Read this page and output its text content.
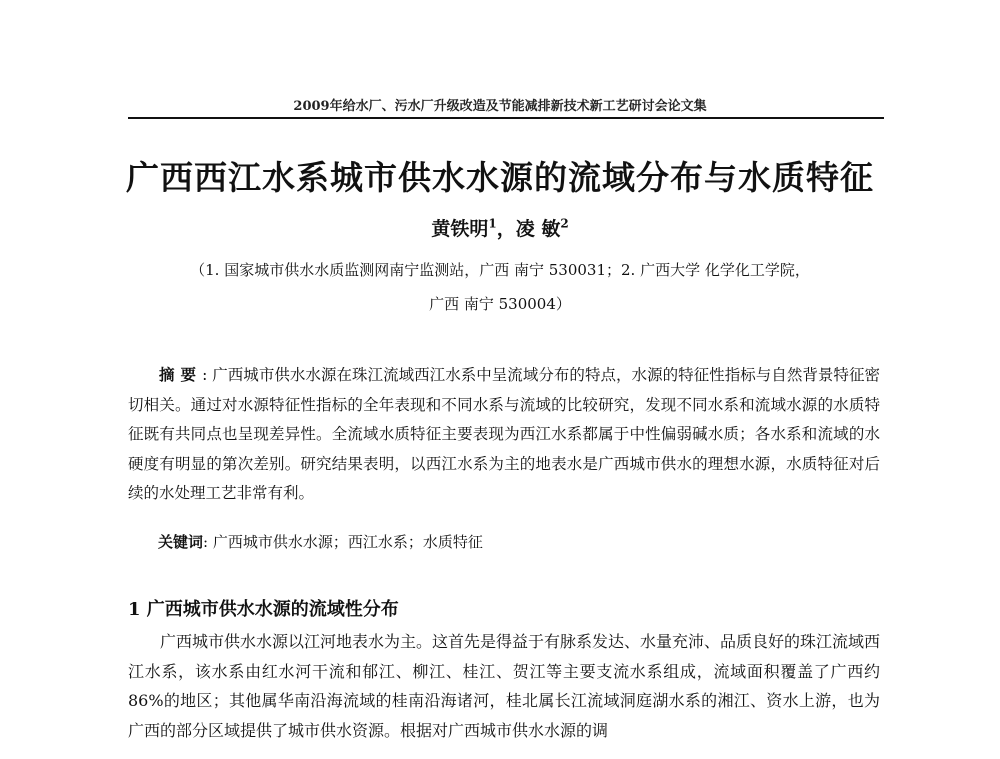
2009年给水厂、污水厂升级改造及节能减排新技术新工艺研讨会论文集
广西西江水系城市供水水源的流域分布与水质特征
黄铁明$^1$，凌 敏$^2$
（1. 国家城市供水水质监测网南宁监测站，广西 南宁 530031；2. 广西大学 化学化工学院，
广西 南宁 530004）
摘要: 广西城市供水水源在珠江流域西江水系中呈流域分布的特点，水源的特征性指标与自然背景特征密切相关。通过对水源特征性指标的全年表现和不同水系与流域的比较研究，发现不同水系和流域水源的水质特征既有共同点也呈现差异性。全流域水质特征主要表现为西江水系都属于中性偏弱碱水质；各水系和流域的水硬度有明显的第次差别。研究结果表明，以西江水系为主的地表水是广西城市供水的理想水源，水质特征对后续的水处理工艺非常有利。
关键词: 广西城市供水水源；西江水系；水质特征
1 广西城市供水水源的流域性分布
广西城市供水水源以江河地表水为主。这首先是得益于有脉系发达、水量充沛、品质良好的珠江流域西江水系，该水系由红水河干流和郁江、柳江、桂江、贺江等主要支流水系组成，流域面积覆盖了广西约 86%的地区；其他属华南沿海流域的桂南沿海诸河，桂北属长江流域洞庭湖水系的湘江、资水上游，也为广西的部分区域提供了城市供水资源。根据对广西城市供水水源的调
